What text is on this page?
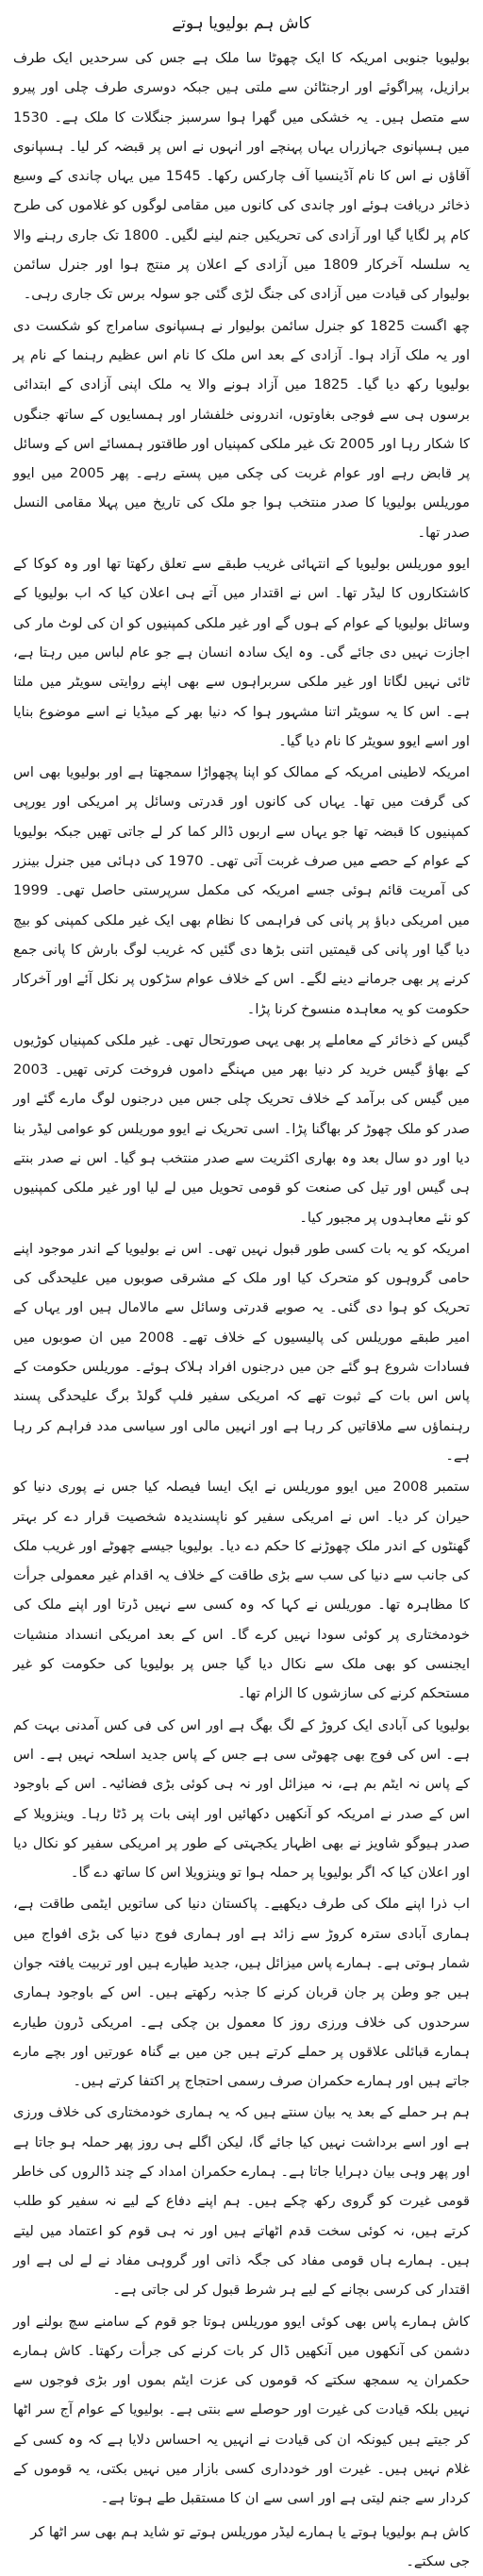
کاش ہم بولیویا ہوتے

بولیویا جنوبی امریکہ کا ایک چھوٹا سا ملک ہے جس کی سرحدیں ایک طرف برازیل، پیراگوئے اور ارجنٹائن سے ملتی ہیں جبکہ دوسری طرف چلی اور پیرو سے متصل ہیں۔ یہ خشکی میں گھرا ہوا سرسبز جنگلات کا ملک ہے۔ 1530 میں ہسپانوی جہازراں یہاں پہنچے اور انہوں نے اس پر قبضہ کر لیا۔ ہسپانوی آقاؤں نے اس کا نام آڈینسیا آف چارکس رکھا۔ 1545 میں یہاں چاندی کے وسیع ذخائر دریافت ہوئے اور چاندی کی کانوں میں مقامی لوگوں کو غلاموں کی طرح کام پر لگایا گیا اور آزادی کی تحریکیں جنم لینے لگیں۔ 1800 تک جاری رہنے والا یہ سلسلہ آخرکار 1809 میں آزادی کے اعلان پر منتج ہوا اور جنرل سائمن بولیوار کی قیادت میں آزادی کی جنگ لڑی گئی جو سولہ برس تک جاری رہی۔

چھ اگست 1825 کو جنرل سائمن بولیوار نے ہسپانوی سامراج کو شکست دی اور یہ ملک آزاد ہوا۔ آزادی کے بعد اس ملک کا نام اس عظیم رہنما کے نام پر بولیویا رکھ دیا گیا۔ 1825 میں آزاد ہونے والا یہ ملک اپنی آزادی کے ابتدائی برسوں ہی سے فوجی بغاوتوں، اندرونی خلفشار اور ہمسایوں کے ساتھ جنگوں کا شکار رہا اور 2005 تک غیر ملکی کمپنیاں اور طاقتور ہمسائے اس کے وسائل پر قابض رہے اور عوام غربت کی چکی میں پستے رہے۔ پھر 2005 میں ایوو موریلس بولیویا کا صدر منتخب ہوا جو ملک کی تاریخ میں پہلا مقامی النسل صدر تھا۔

ایوو موریلس بولیویا کے انتہائی غریب طبقے سے تعلق رکھتا تھا اور وہ کوکا کے کاشتکاروں کا لیڈر تھا۔ اس نے اقتدار میں آتے ہی اعلان کیا کہ اب بولیویا کے وسائل بولیویا کے عوام کے ہوں گے اور غیر ملکی کمپنیوں کو ان کی لوٹ مار کی اجازت نہیں دی جائے گی۔ وہ ایک سادہ انسان ہے جو عام لباس میں رہتا ہے، ٹائی نہیں لگاتا اور غیر ملکی سربراہوں سے بھی اپنے روایتی سویٹر میں ملتا ہے۔ اس کا یہ سویٹر اتنا مشہور ہوا کہ دنیا بھر کے میڈیا نے اسے موضوع بنایا اور اسے ایوو سویٹر کا نام دیا گیا۔

امریکہ لاطینی امریکہ کے ممالک کو اپنا پچھواڑا سمجھتا ہے اور بولیویا بھی اس کی گرفت میں تھا۔ یہاں کی کانوں اور قدرتی وسائل پر امریکی اور یورپی کمپنیوں کا قبضہ تھا جو یہاں سے اربوں ڈالر کما کر لے جاتی تھیں جبکہ بولیویا کے عوام کے حصے میں صرف غربت آتی تھی۔ 1970 کی دہائی میں جنرل بینزر کی آمریت قائم ہوئی جسے امریکہ کی مکمل سرپرستی حاصل تھی۔ 1999 میں امریکی دباؤ پر پانی کی فراہمی کا نظام بھی ایک غیر ملکی کمپنی کو بیچ دیا گیا اور پانی کی قیمتیں اتنی بڑھا دی گئیں کہ غریب لوگ بارش کا پانی جمع کرنے پر بھی جرمانے دینے لگے۔ اس کے خلاف عوام سڑکوں پر نکل آئے اور آخرکار حکومت کو یہ معاہدہ منسوخ کرنا پڑا۔

گیس کے ذخائر کے معاملے پر بھی یہی صورتحال تھی۔ غیر ملکی کمپنیاں کوڑیوں کے بھاؤ گیس خرید کر دنیا بھر میں مہنگے داموں فروخت کرتی تھیں۔ 2003 میں گیس کی برآمد کے خلاف تحریک چلی جس میں درجنوں لوگ مارے گئے اور صدر کو ملک چھوڑ کر بھاگنا پڑا۔ اسی تحریک نے ایوو موریلس کو عوامی لیڈر بنا دیا اور دو سال بعد وہ بھاری اکثریت سے صدر منتخب ہو گیا۔ اس نے صدر بنتے ہی گیس اور تیل کی صنعت کو قومی تحویل میں لے لیا اور غیر ملکی کمپنیوں کو نئے معاہدوں پر مجبور کیا۔

امریکہ کو یہ بات کسی طور قبول نہیں تھی۔ اس نے بولیویا کے اندر موجود اپنے حامی گروہوں کو متحرک کیا اور ملک کے مشرقی صوبوں میں علیحدگی کی تحریک کو ہوا دی گئی۔ یہ صوبے قدرتی وسائل سے مالامال ہیں اور یہاں کے امیر طبقے موریلس کی پالیسیوں کے خلاف تھے۔ 2008 میں ان صوبوں میں فسادات شروع ہو گئے جن میں درجنوں افراد ہلاک ہوئے۔ موریلس حکومت کے پاس اس بات کے ثبوت تھے کہ امریکی سفیر فلپ گولڈ برگ علیحدگی پسند رہنماؤں سے ملاقاتیں کر رہا ہے اور انہیں مالی اور سیاسی مدد فراہم کر رہا ہے۔

ستمبر 2008 میں ایوو موریلس نے ایک ایسا فیصلہ کیا جس نے پوری دنیا کو حیران کر دیا۔ اس نے امریکی سفیر کو ناپسندیدہ شخصیت قرار دے کر بہتر گھنٹوں کے اندر ملک چھوڑنے کا حکم دے دیا۔ بولیویا جیسے چھوٹے اور غریب ملک کی جانب سے دنیا کی سب سے بڑی طاقت کے خلاف یہ اقدام غیر معمولی جرأت کا مظاہرہ تھا۔ موریلس نے کہا کہ وہ کسی سے نہیں ڈرتا اور اپنے ملک کی خودمختاری پر کوئی سودا نہیں کرے گا۔ اس کے بعد امریکی انسداد منشیات ایجنسی کو بھی ملک سے نکال دیا گیا جس پر بولیویا کی حکومت کو غیر مستحکم کرنے کی سازشوں کا الزام تھا۔

بولیویا کی آبادی ایک کروڑ کے لگ بھگ ہے اور اس کی فی کس آمدنی بہت کم ہے۔ اس کی فوج بھی چھوٹی سی ہے جس کے پاس جدید اسلحہ نہیں ہے۔ اس کے پاس نہ ایٹم بم ہے، نہ میزائل اور نہ ہی کوئی بڑی فضائیہ۔ اس کے باوجود اس کے صدر نے امریکہ کو آنکھیں دکھائیں اور اپنی بات پر ڈٹا رہا۔ وینزویلا کے صدر ہیوگو شاویز نے بھی اظہار یکجہتی کے طور پر امریکی سفیر کو نکال دیا اور اعلان کیا کہ اگر بولیویا پر حملہ ہوا تو وینزویلا اس کا ساتھ دے گا۔

اب ذرا اپنے ملک کی طرف دیکھیے۔ پاکستان دنیا کی ساتویں ایٹمی طاقت ہے، ہماری آبادی سترہ کروڑ سے زائد ہے اور ہماری فوج دنیا کی بڑی افواج میں شمار ہوتی ہے۔ ہمارے پاس میزائل ہیں، جدید طیارے ہیں اور تربیت یافتہ جوان ہیں جو وطن پر جان قربان کرنے کا جذبہ رکھتے ہیں۔ اس کے باوجود ہماری سرحدوں کی خلاف ورزی روز کا معمول بن چکی ہے۔ امریکی ڈرون طیارے ہمارے قبائلی علاقوں پر حملے کرتے ہیں جن میں بے گناہ عورتیں اور بچے مارے جاتے ہیں اور ہمارے حکمران صرف رسمی احتجاج پر اکتفا کرتے ہیں۔

ہم ہر حملے کے بعد یہ بیان سنتے ہیں کہ یہ ہماری خودمختاری کی خلاف ورزی ہے اور اسے برداشت نہیں کیا جائے گا، لیکن اگلے ہی روز پھر حملہ ہو جاتا ہے اور پھر وہی بیان دہرایا جاتا ہے۔ ہمارے حکمران امداد کے چند ڈالروں کی خاطر قومی غیرت کو گروی رکھ چکے ہیں۔ ہم اپنے دفاع کے لیے نہ سفیر کو طلب کرتے ہیں، نہ کوئی سخت قدم اٹھاتے ہیں اور نہ ہی قوم کو اعتماد میں لیتے ہیں۔ ہمارے ہاں قومی مفاد کی جگہ ذاتی اور گروہی مفاد نے لے لی ہے اور اقتدار کی کرسی بچانے کے لیے ہر شرط قبول کر لی جاتی ہے۔

کاش ہمارے پاس بھی کوئی ایوو موریلس ہوتا جو قوم کے سامنے سچ بولنے اور دشمن کی آنکھوں میں آنکھیں ڈال کر بات کرنے کی جرأت رکھتا۔ کاش ہمارے حکمران یہ سمجھ سکتے کہ قوموں کی عزت ایٹم بموں اور بڑی فوجوں سے نہیں بلکہ قیادت کی غیرت اور حوصلے سے بنتی ہے۔ بولیویا کے عوام آج سر اٹھا کر جیتے ہیں کیونکہ ان کی قیادت نے انہیں یہ احساس دلایا ہے کہ وہ کسی کے غلام نہیں ہیں۔ غیرت اور خودداری کسی بازار میں نہیں بکتی، یہ قوموں کے کردار سے جنم لیتی ہے اور اسی سے ان کا مستقبل طے ہوتا ہے۔

کاش ہم بولیویا ہوتے یا ہمارے لیڈر موریلس ہوتے تو شاید ہم بھی سر اٹھا کر جی سکتے۔
